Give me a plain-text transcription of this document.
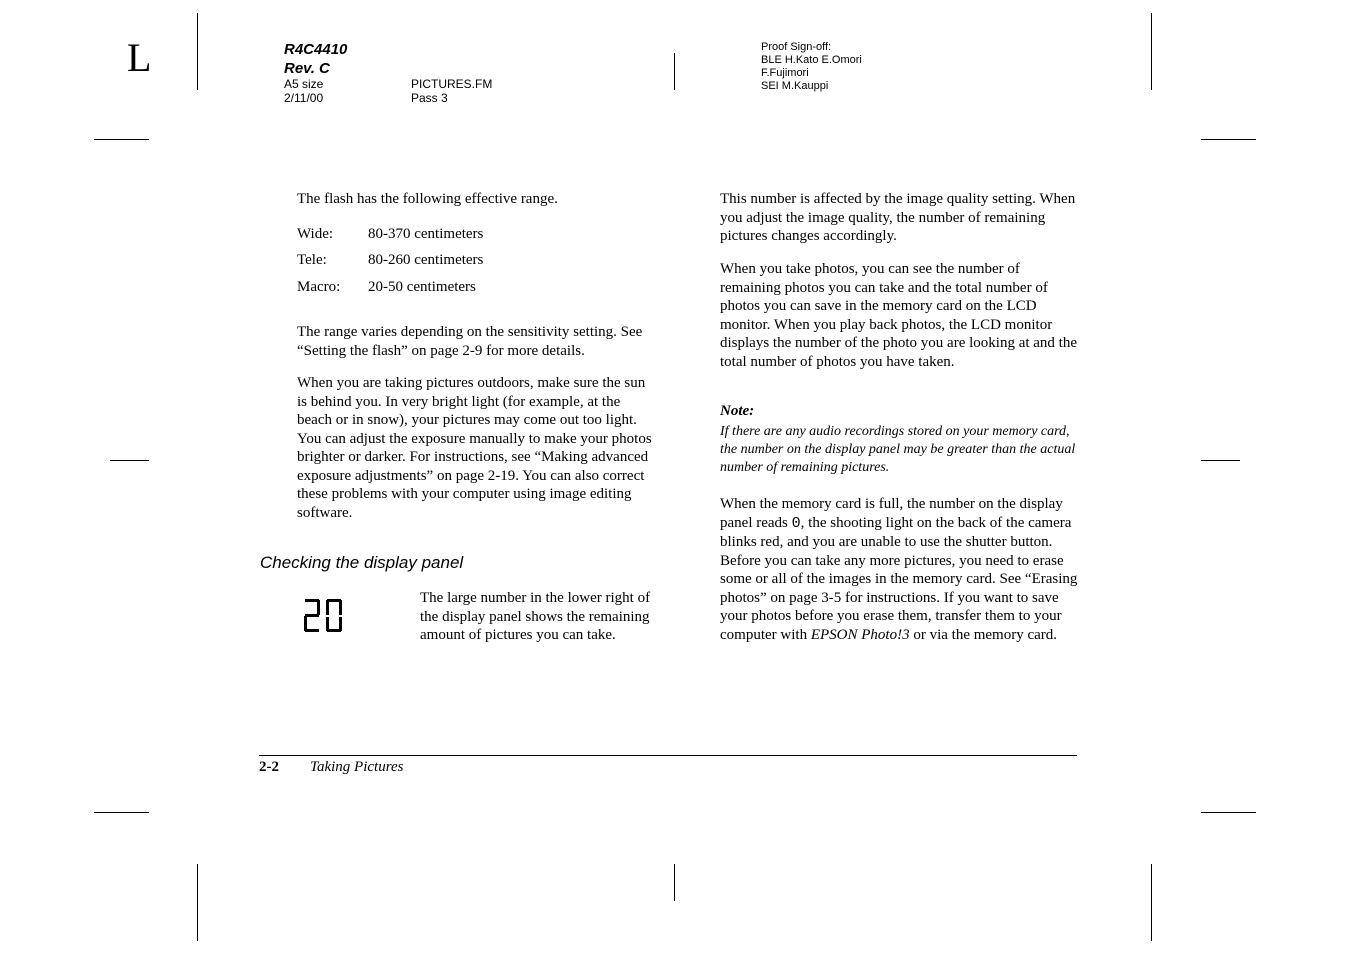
L	R4C4410
Rev. C
A5 size
2/11/00
PICTURES.FM
Pass 3
Proof Sign-off:
BLE H.Kato E.Omori
F.Fujimori
SEI M.Kauppi
The flash has the following effective range.
Wide: 80-370 centimeters
Tele:	80-260 centimeters
Macro: 20-50 centimeters
The range varies depending on the sensitivity setting. See “Setting the flash” on page 2-9 for more details.
When you are taking pictures outdoors, make sure the sun is behind you. In very bright light (for example, at the beach or in snow), your pictures may come out too light. You can adjust the exposure manually to make your photos brighter or darker. For instructions, see “Making advanced exposure adjustments” on page 2-19. You can also correct these problems with your computer using image editing software.
Checking the display panel
The large number in the lower right of the display panel shows the remaining amount of pictures you can take.
This number is affected by the image quality setting. When you adjust the image quality, the number of remaining pictures changes accordingly.
When you take photos, you can see the number of remaining photos you can take and the total number of photos you can save in the memory card on the LCD monitor. When you play back photos, the LCD monitor displays the number of the photo you are looking at and the total number of photos you have taken.
Note:
If there are any audio recordings stored on your memory card, the number on the display panel may be greater than the actual number of remaining pictures.
When the memory card is full, the number on the display panel reads 0, the shooting light on the back of the camera blinks red, and you are unable to use the shutter button. Before you can take any more pictures, you need to erase some or all of the images in the memory card. See “Erasing photos” on page 3-5 for instructions. If you want to save your photos before you erase them, transfer them to your computer with EPSON Photo!3 or via the memory card.
2-2 Taking Pictures
